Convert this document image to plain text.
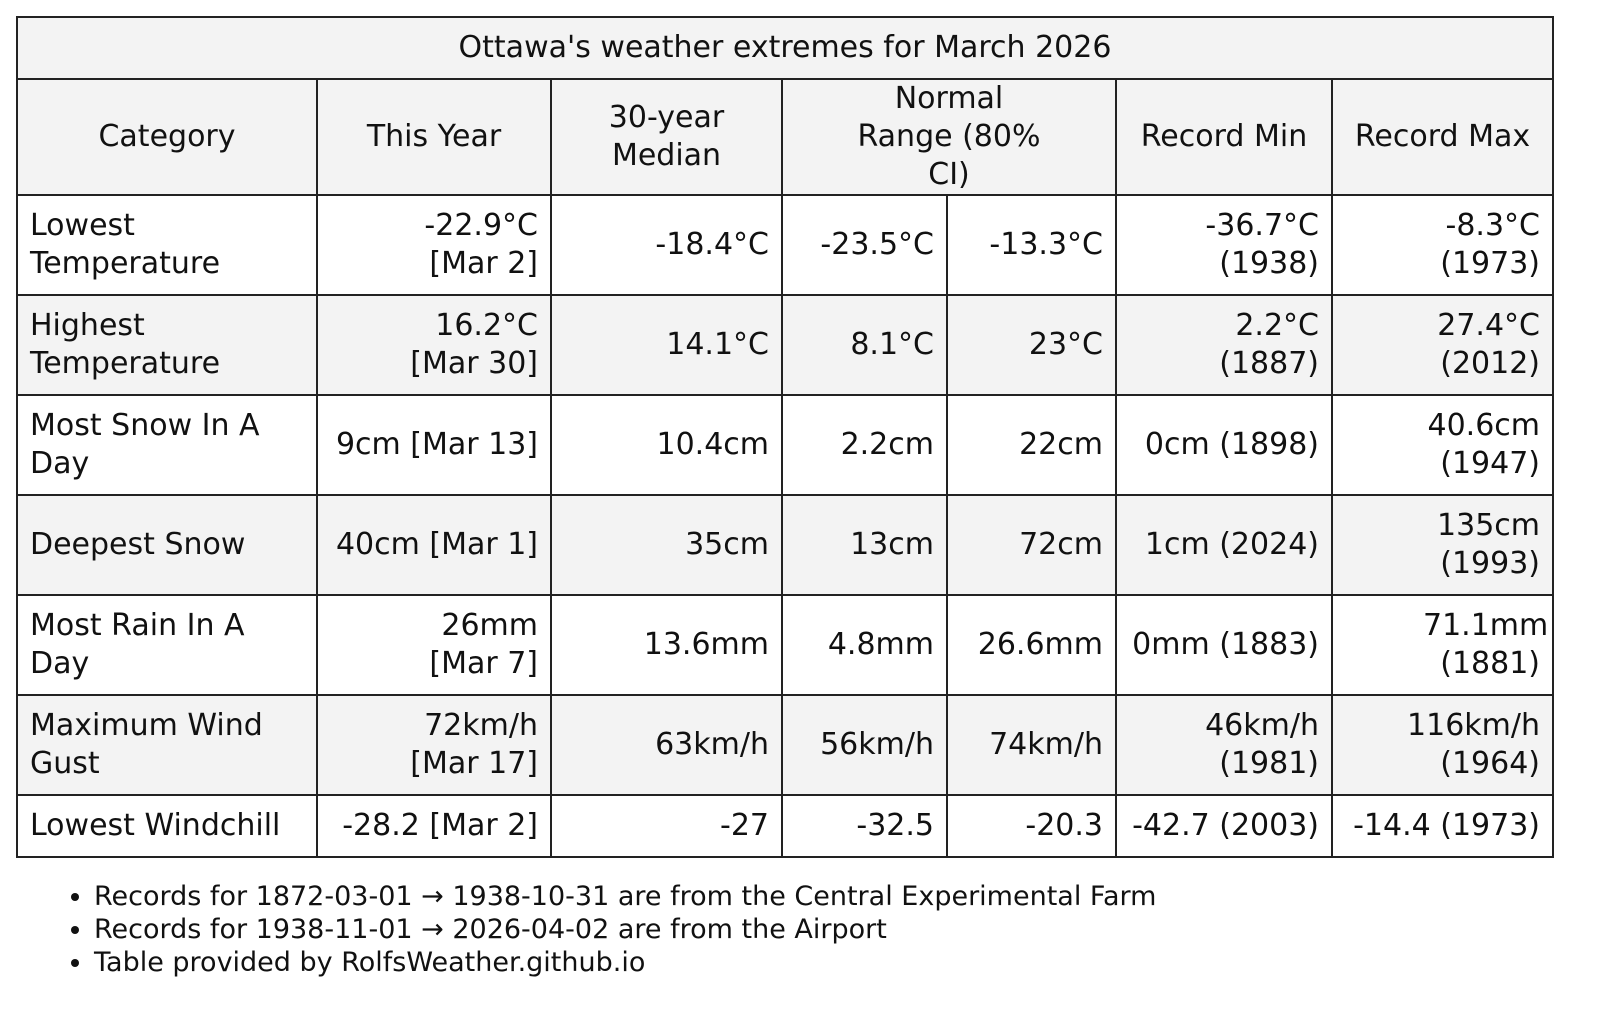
Ottawa's weather extremes for March 2026						
Category	This Year	30-year Median	Normal Range (80% CI)		Record Min	Record Max
Lowest Temperature	-22.9°C [Mar 2]	-18.4°C	-23.5°C	-13.3°C	-36.7°C (1938)	-8.3°C (1973)
Highest Temperature	16.2°C [Mar 30]	14.1°C	8.1°C	23°C	2.2°C (1887)	27.4°C (2012)
Most Snow In A Day	9cm [Mar 13]	10.4cm	2.2cm	22cm	0cm (1898)	40.6cm (1947)
Deepest Snow	40cm [Mar 1]	35cm	13cm	72cm	1cm (2024)	135cm (1993)
Most Rain In A Day	26mm [Mar 7]	13.6mm	4.8mm	26.6mm	0mm (1883)	71.1mm (1881)
Maximum Wind Gust	72km/h [Mar 17]	63km/h	56km/h	74km/h	46km/h (1981)	116km/h (1964)
Lowest Windchill	-28.2 [Mar 2]	-27	-32.5	-20.3	-42.7 (2003)	-14.4 (1973)
• Records for 1872-03-01 → 1938-10-31 are from the Central Experimental Farm
• Records for 1938-11-01 → 2026-04-02 are from the Airport
• Table provided by RolfsWeather.github.io
